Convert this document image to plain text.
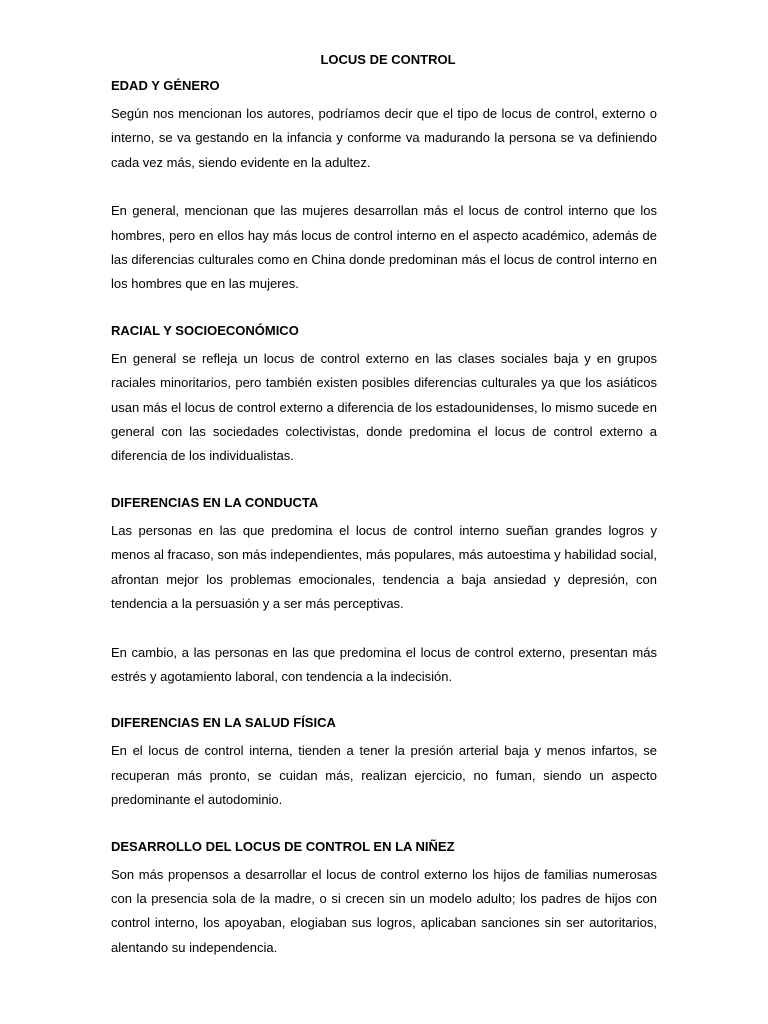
LOCUS DE CONTROL
EDAD Y GÉNERO

Según nos mencionan los autores, podríamos decir que el tipo de locus de control, externo o interno, se va gestando en la infancia y conforme va madurando la persona se va definiendo cada vez más, siendo evidente en la adultez.

En general, mencionan que las mujeres desarrollan más el locus de control interno que los hombres, pero en ellos hay más locus de control interno en el aspecto académico, además de las diferencias culturales como en China donde predominan más el locus de control interno en los hombres que en las mujeres.

RACIAL Y SOCIOECONÓMICO

En general se refleja un locus de control externo en las clases sociales baja y en grupos raciales minoritarios, pero también existen posibles diferencias culturales ya que los asiáticos usan más el locus de control externo a diferencia de los estadounidenses, lo mismo sucede en general con las sociedades colectivistas, donde predomina el locus de control externo a diferencia de los individualistas.

DIFERENCIAS EN LA CONDUCTA

Las personas en las que predomina el locus de control interno sueñan grandes logros y menos al fracaso, son más independientes, más populares, más autoestima y habilidad social, afrontan mejor los problemas emocionales, tendencia a baja ansiedad y depresión, con tendencia a la persuasión y a ser más perceptivas.

En cambio, a las personas en las que predomina el locus de control externo, presentan más estrés y agotamiento laboral, con tendencia a la indecisión.

DIFERENCIAS EN LA SALUD FÍSICA

En el locus de control interna, tienden a tener la presión arterial baja y menos infartos, se recuperan más pronto, se cuidan más, realizan ejercicio, no fuman, siendo un aspecto predominante el autodominio.

DESARROLLO DEL LOCUS DE CONTROL EN LA NIÑEZ

Son más propensos a desarrollar el locus de control externo los hijos de familias numerosas con la presencia sola de la madre, o si crecen sin un modelo adulto; los padres de hijos con control interno, los apoyaban, elogiaban sus logros, aplicaban sanciones sin ser autoritarios, alentando su independencia.
